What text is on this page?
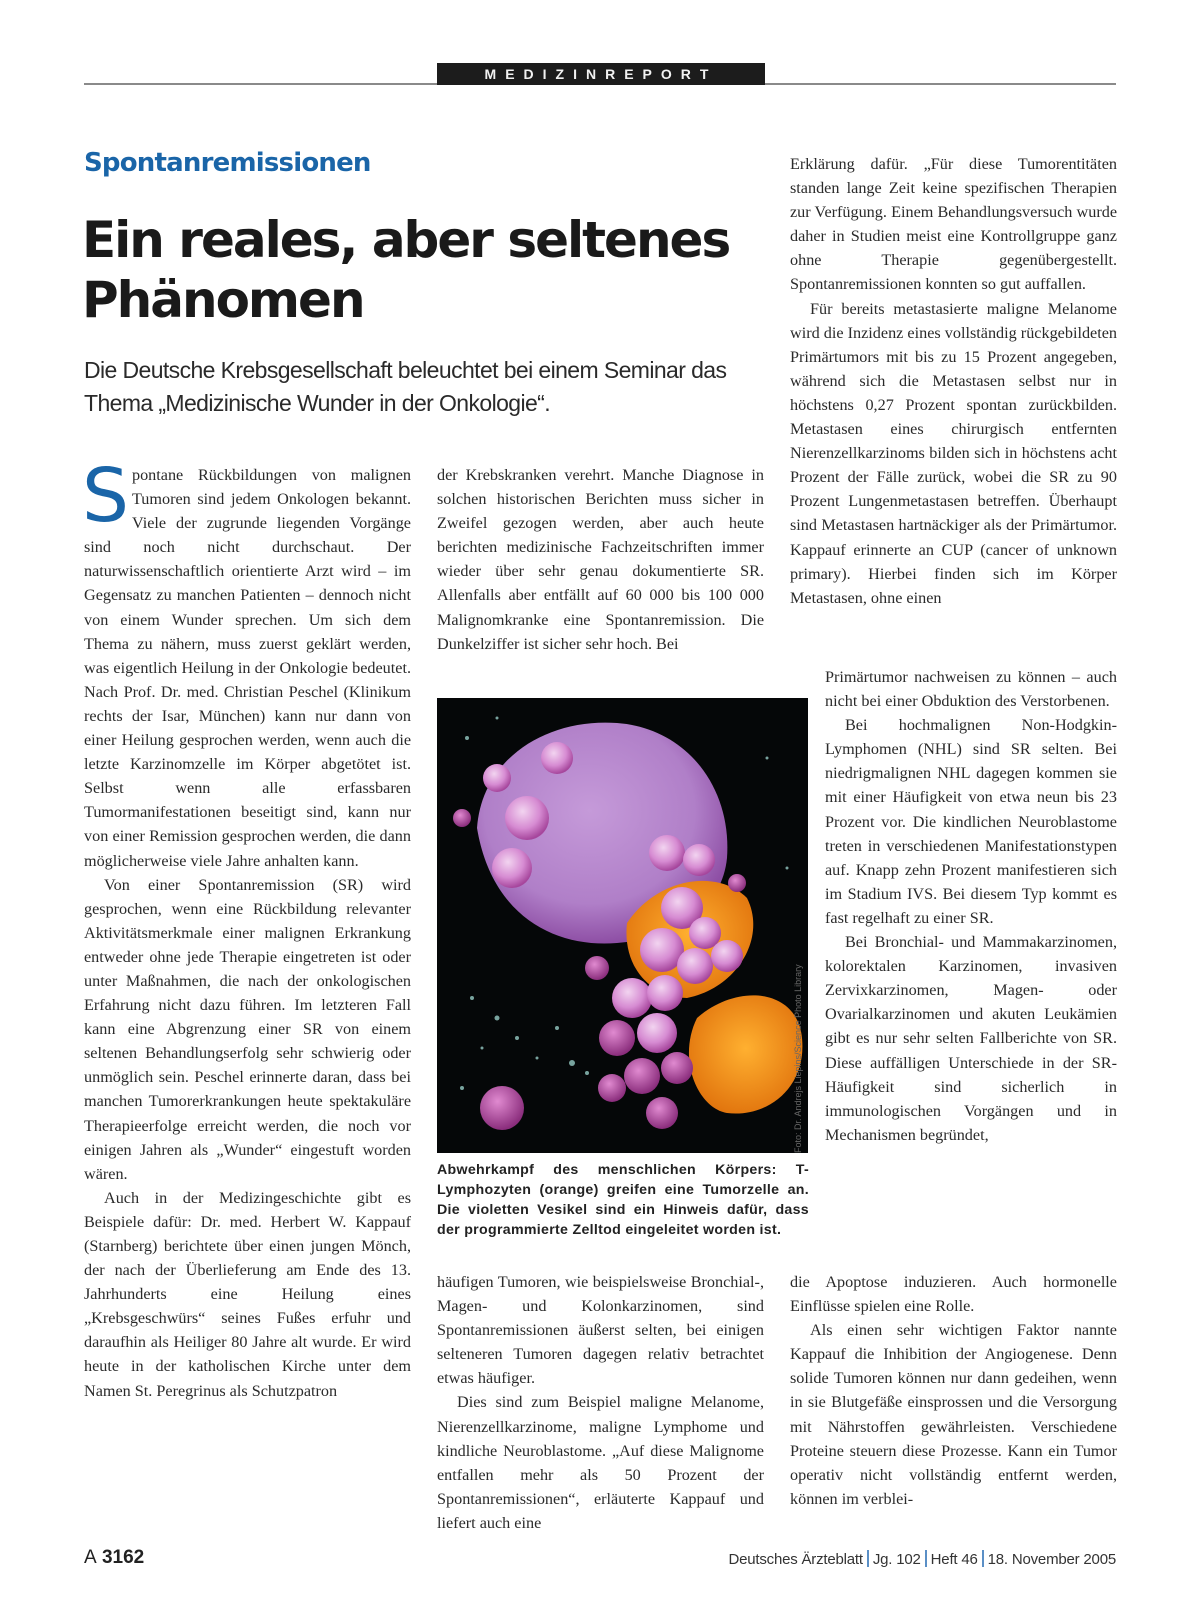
MEDIZINREPORT
Spontanremissionen
Ein reales, aber seltenes
Phänomen
Die Deutsche Krebsgesellschaft beleuchtet bei einem Seminar das Thema „Medizinische Wunder in der Onkologie“.

Spontane Rückbildungen von malignen Tumoren sind jedem Onkologen bekannt. Viele der zugrunde liegenden Vorgänge sind noch nicht durchschaut. Der naturwissenschaftlich orientierte Arzt wird – im Gegensatz zu manchen Patienten – dennoch nicht von einem Wunder sprechen. Um sich dem Thema zu nähern, muss zuerst geklärt werden, was eigentlich Heilung in der Onkologie bedeutet. Nach Prof. Dr. med. Christian Peschel (Klinikum rechts der Isar, München) kann nur dann von einer Heilung gesprochen werden, wenn auch die letzte Karzinomzelle im Körper abgetötet ist. Selbst wenn alle erfassbaren Tumormanifestationen beseitigt sind, kann nur von einer Remission gesprochen werden, die dann möglicherweise viele Jahre anhalten kann.

Von einer Spontanremission (SR) wird gesprochen, wenn eine Rückbildung relevanter Aktivitätsmerkmale einer malignen Erkrankung entweder ohne jede Therapie eingetreten ist oder unter Maßnahmen, die nach der onkologischen Erfahrung nicht dazu führen. Im letzteren Fall kann eine Abgrenzung einer SR von einem seltenen Behandlungserfolg sehr schwierig oder unmöglich sein. Peschel erinnerte daran, dass bei manchen Tumorerkrankungen heute spektakuläre Therapieerfolge erreicht werden, die noch vor einigen Jahren als „Wunder“ eingestuft worden wären.

Auch in der Medizingeschichte gibt es Beispiele dafür: Dr. med. Herbert W. Kappauf (Starnberg) berichtete über einen jungen Mönch, der nach der Überlieferung am Ende des 13. Jahrhunderts eine Heilung eines „Krebsgeschwürs“ seines Fußes erfuhr und daraufhin als Heiliger 80 Jahre alt wurde. Er wird heute in der katholischen Kirche unter dem Namen St. Peregrinus als Schutzpatron

der Krebskranken verehrt. Manche Diagnose in solchen historischen Berichten muss sicher in Zweifel gezogen werden, aber auch heute berichten medizinische Fachzeitschriften immer wieder über sehr genau dokumentierte SR. Allenfalls aber entfällt auf 60 000 bis 100 000 Malignomkranke eine Spontanremission. Die Dunkelziffer ist sicher sehr hoch. Bei

Foto: Dr. Andrejs Liepins/Science Photo Library
Abwehrkampf des menschlichen Körpers: T-Lymphozyten (orange) greifen eine Tumorzelle an. Die violetten Vesikel sind ein Hinweis dafür, dass der programmierte Zelltod eingeleitet worden ist.

häufigen Tumoren, wie beispielsweise Bronchial-, Magen- und Kolonkarzinomen, sind Spontanremissionen äußerst selten, bei einigen selteneren Tumoren dagegen relativ betrachtet etwas häufiger.

Dies sind zum Beispiel maligne Melanome, Nierenzellkarzinome, maligne Lymphome und kindliche Neuroblastome. „Auf diese Malignome entfallen mehr als 50 Prozent der Spontanremissionen“, erläuterte Kappauf und liefert auch eine

Erklärung dafür. „Für diese Tumorentitäten standen lange Zeit keine spezifischen Therapien zur Verfügung. Einem Behandlungsversuch wurde daher in Studien meist eine Kontrollgruppe ganz ohne Therapie gegenübergestellt. Spontanremissionen konnten so gut auffallen.

Für bereits metastasierte maligne Melanome wird die Inzidenz eines vollständig rückgebildeten Primärtumors mit bis zu 15 Prozent angegeben, während sich die Metastasen selbst nur in höchstens 0,27 Prozent spontan zurückbilden. Metastasen eines chirurgisch entfernten Nierenzellkarzinoms bilden sich in höchstens acht Prozent der Fälle zurück, wobei die SR zu 90 Prozent Lungenmetastasen betreffen. Überhaupt sind Metastasen hartnäckiger als der Primärtumor. Kappauf erinnerte an CUP (cancer of unknown primary). Hierbei finden sich im Körper Metastasen, ohne einen

Primärtumor nachweisen zu können – auch nicht bei einer Obduktion des Verstorbenen.

Bei hochmalignen Non-Hodgkin-Lymphomen (NHL) sind SR selten. Bei niedrigmalignen NHL dagegen kommen sie mit einer Häufigkeit von etwa neun bis 23 Prozent vor. Die kindlichen Neuroblastome treten in verschiedenen Manifestationstypen auf. Knapp zehn Prozent manifestieren sich im Stadium IVS. Bei diesem Typ kommt es fast regelhaft zu einer SR.

Bei Bronchial- und Mammakarzinomen, kolorektalen Karzinomen, invasiven Zervixkarzinomen, Magen- oder Ovarialkarzinomen und akuten Leukämien gibt es nur sehr selten Fallberichte von SR. Diese auffälligen Unterschiede in der SR-Häufigkeit sind sicherlich in immunologischen Vorgängen und in Mechanismen begründet,

die Apoptose induzieren. Auch hormonelle Einflüsse spielen eine Rolle.

Als einen sehr wichtigen Faktor nannte Kappauf die Inhibition der Angiogenese. Denn solide Tumoren können nur dann gedeihen, wenn in sie Blutgefäße einsprossen und die Versorgung mit Nährstoffen gewährleisten. Verschiedene Proteine steuern diese Prozesse. Kann ein Tumor operativ nicht vollständig entfernt werden, können im verblei-

A 3162	Deutsches Ärzteblatt Jg. 102 Heft 46 18. November 2005
